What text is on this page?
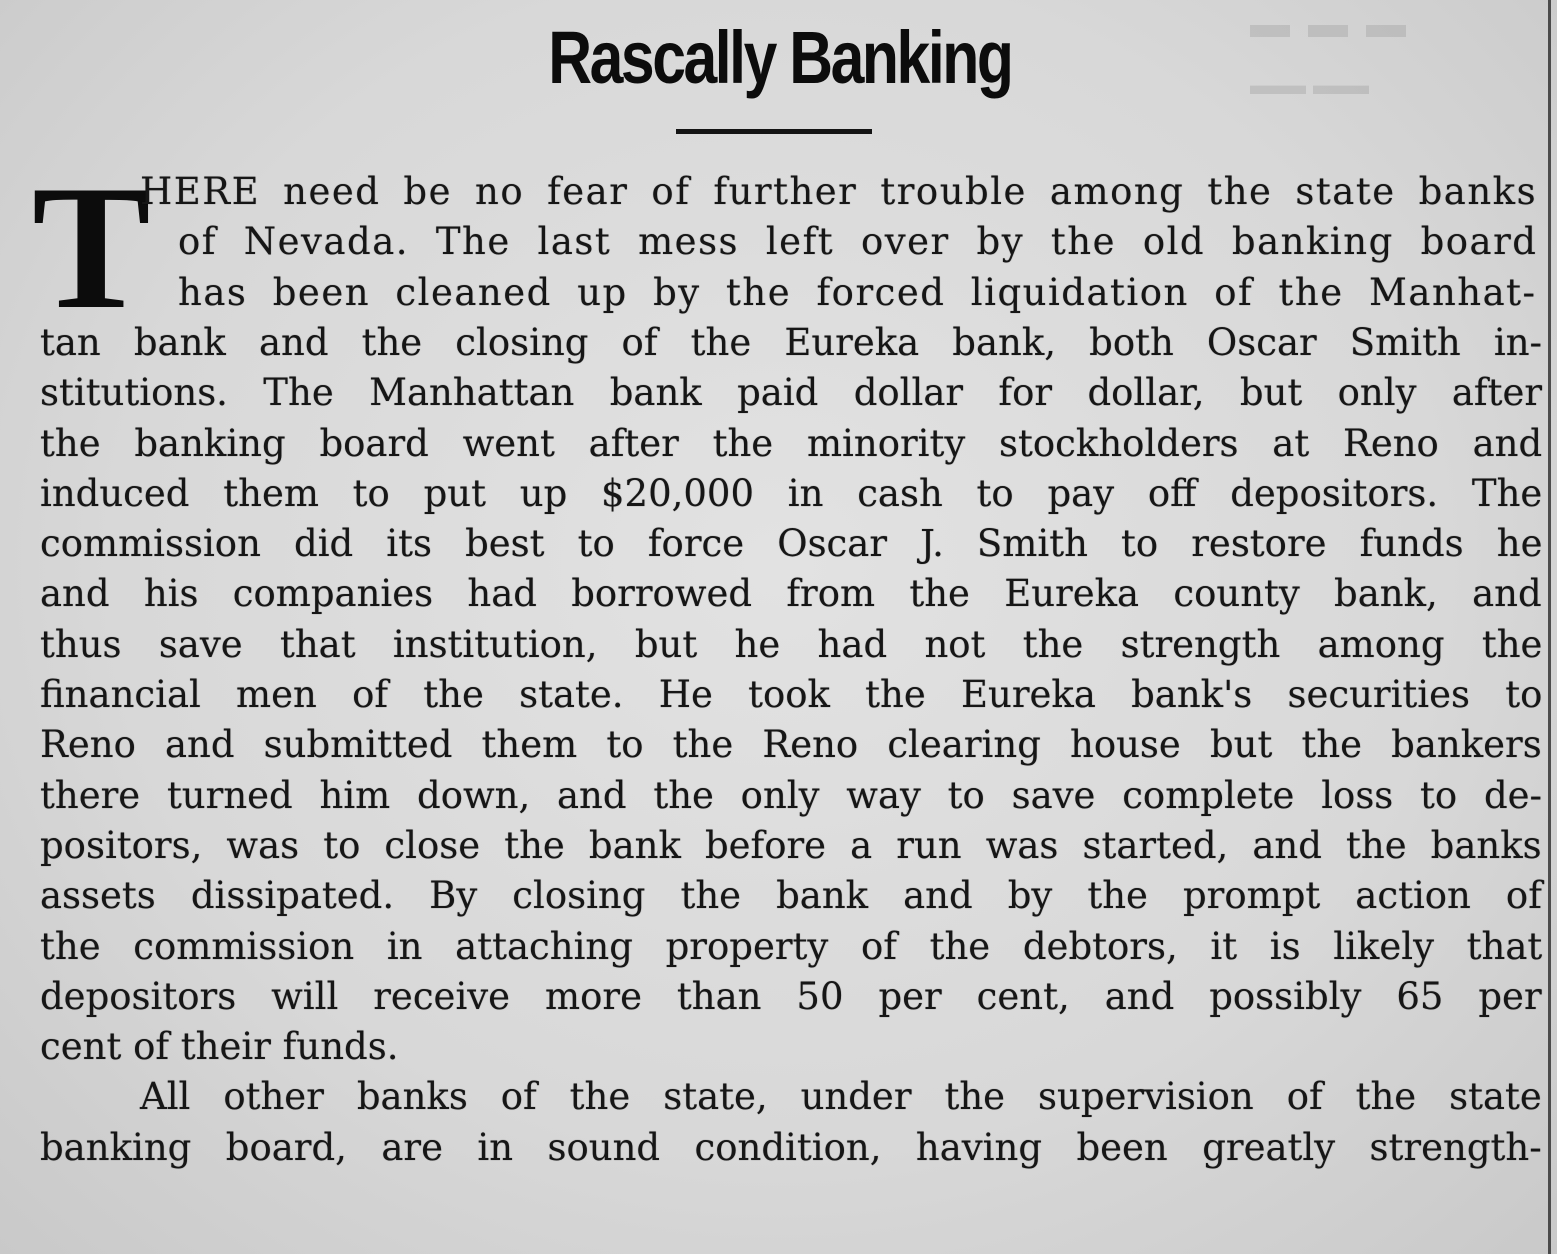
▬ ▬ ▬
▬▬ ▬▬
Rascally Banking
T

HERE need be no fear of further trouble among the state banks

of Nevada. The last mess left over by the old banking board

has been cleaned up by the forced liquidation of the Manhat-

tan bank and the closing of the Eureka bank, both Oscar Smith in-

stitutions. The Manhattan bank paid dollar for dollar, but only after

the banking board went after the minority stockholders at Reno and

induced them to put up $20,000 in cash to pay off depositors. The

commission did its best to force Oscar J. Smith to restore funds he

and his companies had borrowed from the Eureka county bank, and

thus save that institution, but he had not the strength among the

financial men of the state. He took the Eureka bank's securities to

Reno and submitted them to the Reno clearing house but the bankers

there turned him down, and the only way to save complete loss to de-

positors, was to close the bank before a run was started, and the banks

assets dissipated. By closing the bank and by the prompt action of

the commission in attaching property of the debtors, it is likely that

depositors will receive more than 50 per cent, and possibly 65 per

cent of their funds.

All other banks of the state, under the supervision of the state

banking board, are in sound condition, having been greatly strength-
